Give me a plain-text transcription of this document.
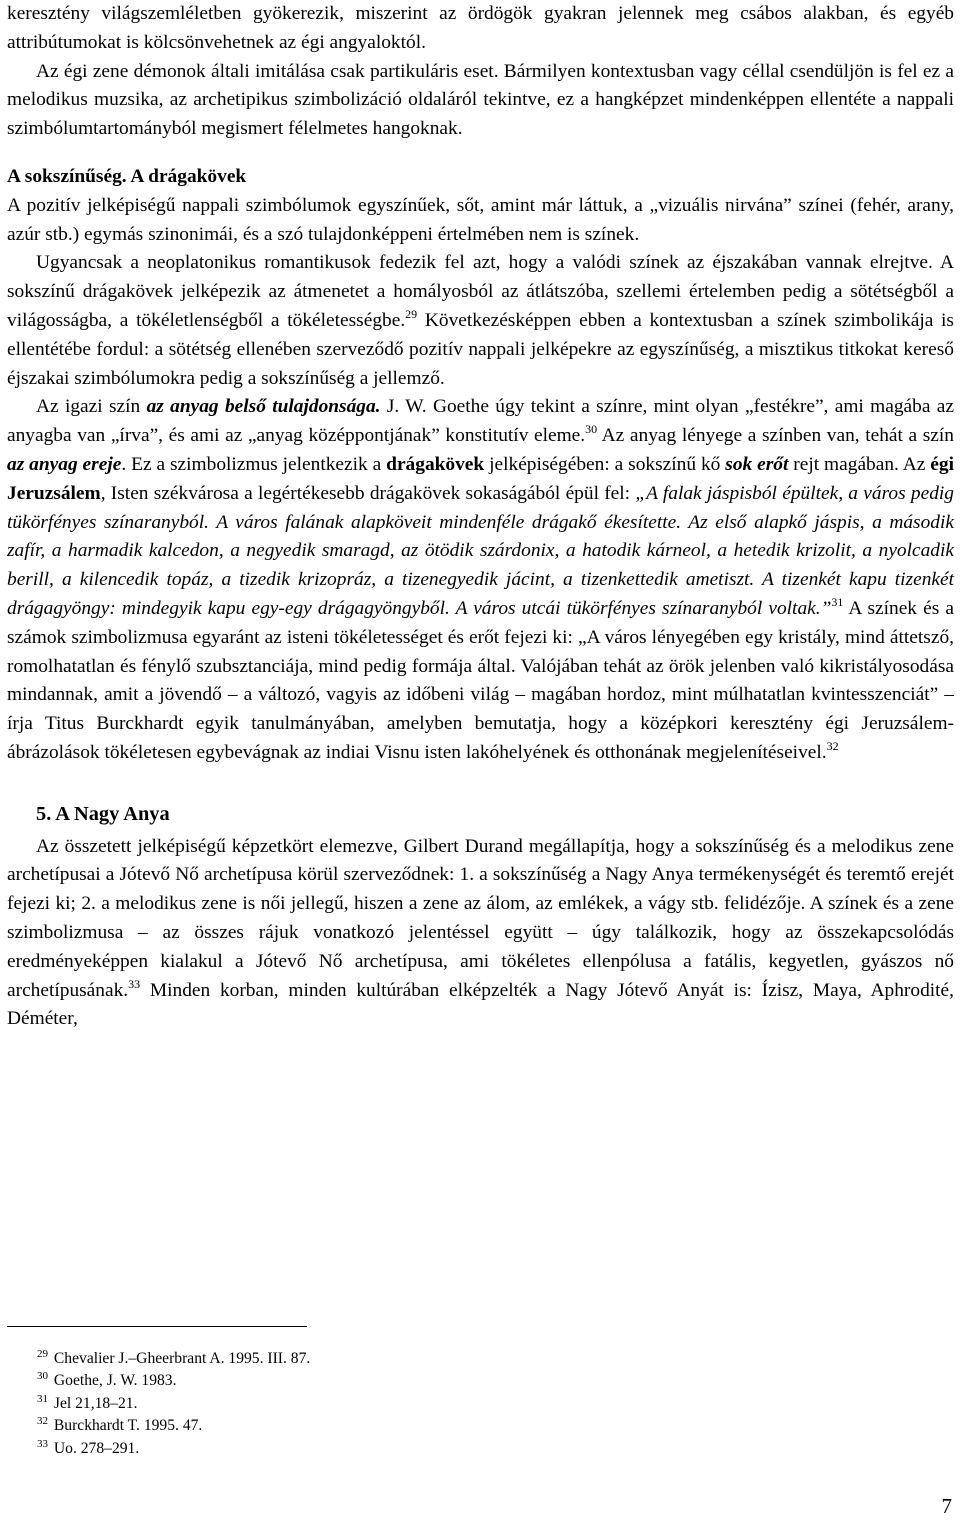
keresztény világszemléletben gyökerezik, miszerint az ördögök gyakran jelennek meg csábos alakban, és egyéb attribútumokat is kölcsönvehetnek az égi angyaloktól.

Az égi zene démonok általi imitálása csak partikuláris eset. Bármilyen kontextusban vagy céllal csendüljön is fel ez a melodikus muzsika, az archetipikus szimbolizáció oldaláról tekintve, ez a hangképzet mindenképpen ellentéte a nappali szimbólumtartományból megismert félelmetes hangoknak.

A sokszínűség. A drágakövek

A pozitív jelképiségű nappali szimbólumok egyszínűek, sőt, amint már láttuk, a „vizuális nirvána” színei (fehér, arany, azúr stb.) egymás szinonimái, és a szó tulajdonképpeni értelmében nem is színek.

Ugyancsak a neoplatonikus romantikusok fedezik fel azt, hogy a valódi színek az éjszakában vannak elrejtve. A sokszínű drágakövek jelképezik az átmenetet a homályosból az átlátszóba, szellemi értelemben pedig a sötétségből a világosságba, a tökéletlenségből a tökéletességbe.$^{29}$ Következésképpen ebben a kontextusban a színek szimbolikája is ellentétébe fordul: a sötétség ellenében szerveződő pozitív nappali jelképekre az egyszínűség, a misztikus titkokat kereső éjszakai szimbólumokra pedig a sokszínűség a jellemző.

Az igazi szín az anyag belső tulajdonsága. J. W. Goethe úgy tekint a színre, mint olyan „festékre”, ami magába az anyagba van „írva”, és ami az „anyag középpontjának” konstitutív eleme.$^{30}$ Az anyag lényege a színben van, tehát a szín az anyag ereje. Ez a szimbolizmus jelentkezik a drágakövek jelképiségében: a sokszínű kő sok erőt rejt magában. Az égi Jeruzsálem, Isten székvárosa a legértékesebb drágakövek sokaságából épül fel: „A falak jáspisból épültek, a város pedig tükörfényes színaranyból. A város falának alapköveit mindenféle drágakő ékesítette. Az első alapkő jáspis, a második zafír, a harmadik kalcedon, a negyedik smaragd, az ötödik szárdonix, a hatodik kárneol, a hetedik krizolit, a nyolcadik berill, a kilencedik topáz, a tizedik krizopráz, a tizenegyedik jácint, a tizenkettedik ametiszt. A tizenkét kapu tizenkét drágagyöngy: mindegyik kapu egy-egy drágagyöngyből. A város utcái tükörfényes színaranyból voltak.”$^{31}$ A színek és a számok szimbolizmusa egyaránt az isteni tökéletességet és erőt fejezi ki: „A város lényegében egy kristály, mind áttetsző, romolhatatlan és fénylő szubsztanciája, mind pedig formája által. Valójában tehát az örök jelenben való kikristályosodása mindannak, amit a jövendő – a változó, vagyis az időbeni világ – magában hordoz, mint múlhatatlan kvintesszenciát” – írja Titus Burckhardt egyik tanulmányában, amelyben bemutatja, hogy a középkori keresztény égi Jeruzsálem-ábrázolások tökéletesen egybevágnak az indiai Visnu isten lakóhelyének és otthonának megjelenítéseivel.$^{32}$

5. A Nagy Anya

Az összetett jelképiségű képzetkört elemezve, Gilbert Durand megállapítja, hogy a sokszínűség és a melodikus zene archetípusai a Jótevő Nő archetípusa körül szerveződnek: 1. a sokszínűség a Nagy Anya termékenységét és teremtő erejét fejezi ki; 2. a melodikus zene is női jellegű, hiszen a zene az álom, az emlékek, a vágy stb. felidézője. A színek és a zene szimbolizmusa – az összes rájuk vonatkozó jelentéssel együtt – úgy találkozik, hogy az összekapcsolódás eredményeképpen kialakul a Jótevő Nő archetípusa, ami tökéletes ellenpólusa a fatális, kegyetlen, gyászos nő archetípusának.$^{33}$ Minden korban, minden kultúrában elképzelték a Nagy Jótevő Anyát is: Ízisz, Maya, Aphrodité, Déméter,

$^{29}$ Chevalier J.–Gheerbrant A. 1995. III. 87.
$^{30}$ Goethe, J. W. 1983.
$^{31}$ Jel 21,18–21.
$^{32}$ Burckhardt T. 1995. 47.
$^{33}$ Uo. 278–291.
7
